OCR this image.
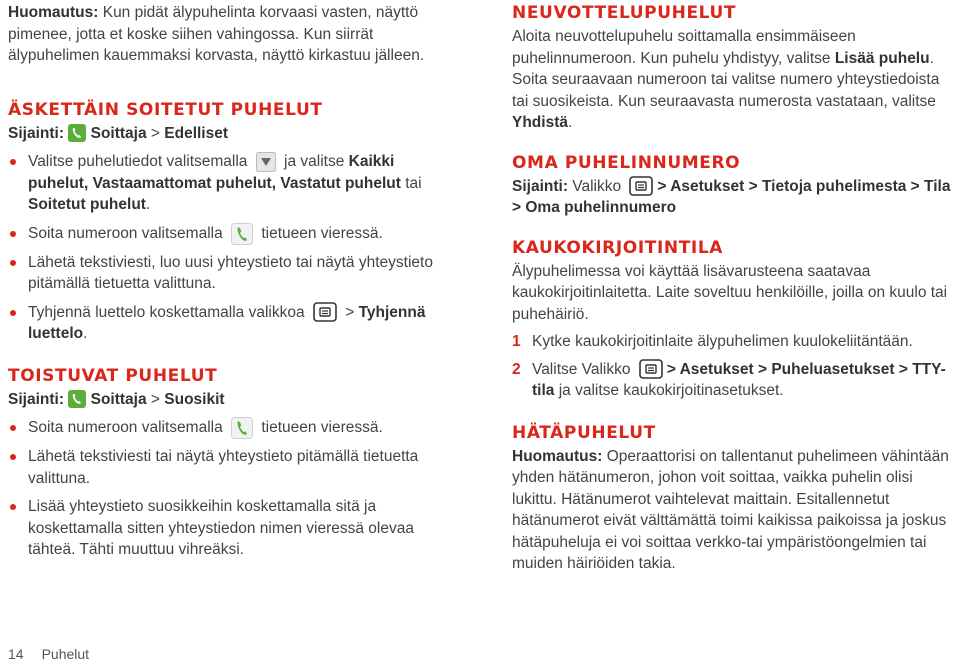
Huomautus: Kun pidät älypuhelinta korvaasi vasten, näyttö pimenee, jotta et koske siihen vahingossa. Kun siirrät älypuhelimen kauemmaksi korvasta, näyttö kirkastuu jälleen.

ÄSKETTÄIN SOITETUT PUHELUT

Sijainti: Soittaja > Edelliset

Valitse puhelutiedot valitsemalla  ja valitse Kaikki puhelut, Vastaamattomat puhelut, Vastatut puhelut tai Soitetut puhelut.
Soita numeroon valitsemalla tietueen vieressä.
Lähetä tekstiviesti, luo uusi yhteystieto tai näytä yhteystieto pitämällä tietuetta valittuna.
Tyhjennä luettelo koskettamalla valikkoa  > Tyhjennä luettelo.
TOISTUVAT PUHELUT

Sijainti: Soittaja > Suosikit

Soita numeroon valitsemalla tietueen vieressä.
Lähetä tekstiviesti tai näytä yhteystieto pitämällä tietuetta valittuna.
Lisää yhteystieto suosikkeihin koskettamalla sitä ja koskettamalla sitten yhteystiedon nimen vieressä olevaa tähteä. Tähti muuttuu vihreäksi.
NEUVOTTELUPUHELUT

Aloita neuvottelupuhelu soittamalla ensimmäiseen puhelinnumeroon. Kun puhelu yhdistyy, valitse Lisää puhelu. Soita seuraavaan numeroon tai valitse numero yhteystiedoista tai suosikeista. Kun seuraavasta numerosta vastataan, valitse Yhdistä.

OMA PUHELINNUMERO

Sijainti: Valikko > Asetukset > Tietoja puhelimesta > Tila > Oma puhelinnumero

KAUKOKIRJOITINTILA

Älypuhelimessa voi käyttää lisävarusteena saatavaa kaukokirjoitinlaitetta. Laite soveltuu henkilöille, joilla on kuulo tai puhehäiriö.

1 Kytke kaukokirjoitinlaite älypuhelimen kuulokeliitäntään.
2 Valitse Valikko > Asetukset > Puheluasetukset > TTY-tila ja valitse kaukokirjoitinasetukset.
HÄTÄPUHELUT

Huomautus: Operaattorisi on tallentanut puhelimeen vähintään yhden hätänumeron, johon voit soittaa, vaikka puhelin olisi lukittu. Hätänumerot vaihtelevat maittain. Esitallennetut hätänumerot eivät välttämättä toimi kaikissa paikoissa ja joskus hätäpuheluja ei voi soittaa verkko-tai ympäristöongelmien tai muiden häiriöiden takia.

14 Puhelut
